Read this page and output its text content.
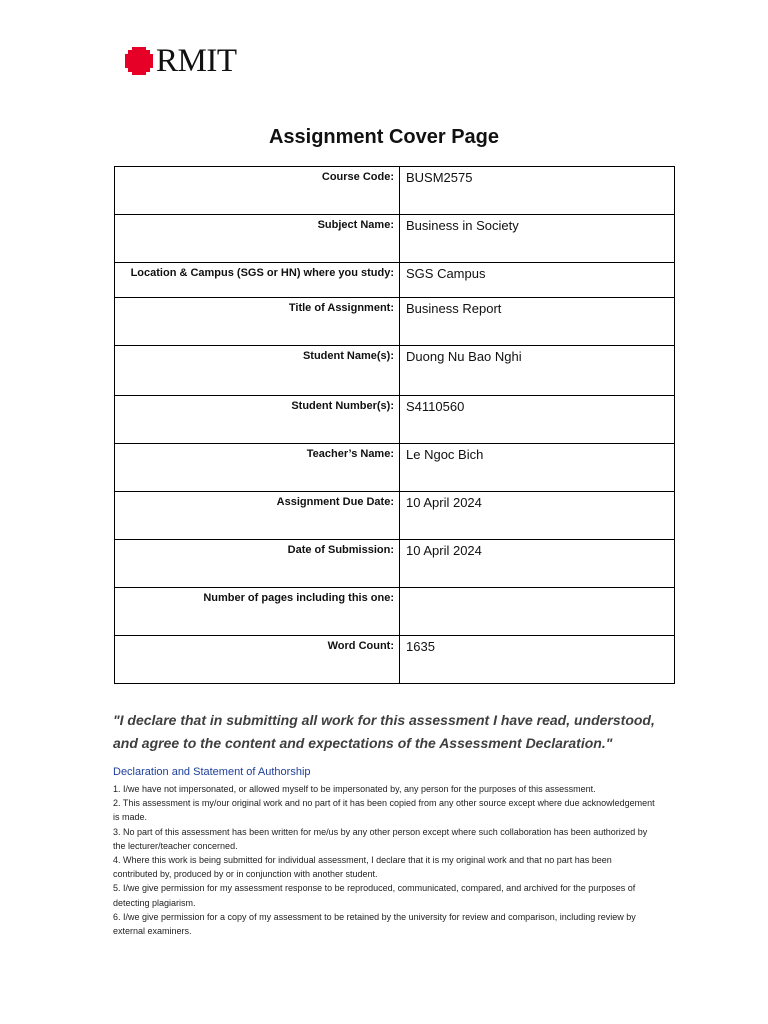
RMIT
Assignment Cover Page
Course Code:	BUSM2575
Subject Name:	Business in Society
Location & Campus (SGS or HN) where you study:	SGS Campus
Title of Assignment:	Business Report
Student Name(s):	Duong Nu Bao Nghi
Student Number(s):	S4110560
Teacher’s Name:	Le Ngoc Bich
Assignment Due Date:	10 April 2024
Date of Submission:	10 April 2024
Number of pages including this one:	
Word Count:	1635
"I declare that in submitting all work for this assessment I have read, understood, and agree to the content and expectations of the Assessment Declaration."
Declaration and Statement of Authorship
1. I/we have not impersonated, or allowed myself to be impersonated by, any person for the purposes of this assessment.
2. This assessment is my/our original work and no part of it has been copied from any other source except where due acknowledgement is made.
3. No part of this assessment has been written for me/us by any other person except where such collaboration has been authorized by the lecturer/teacher concerned.
4. Where this work is being submitted for individual assessment, I declare that it is my original work and that no part has been contributed by, produced by or in conjunction with another student.
5. I/we give permission for my assessment response to be reproduced, communicated, compared, and archived for the purposes of detecting plagiarism.
6. I/we give permission for a copy of my assessment to be retained by the university for review and comparison, including review by external examiners.
